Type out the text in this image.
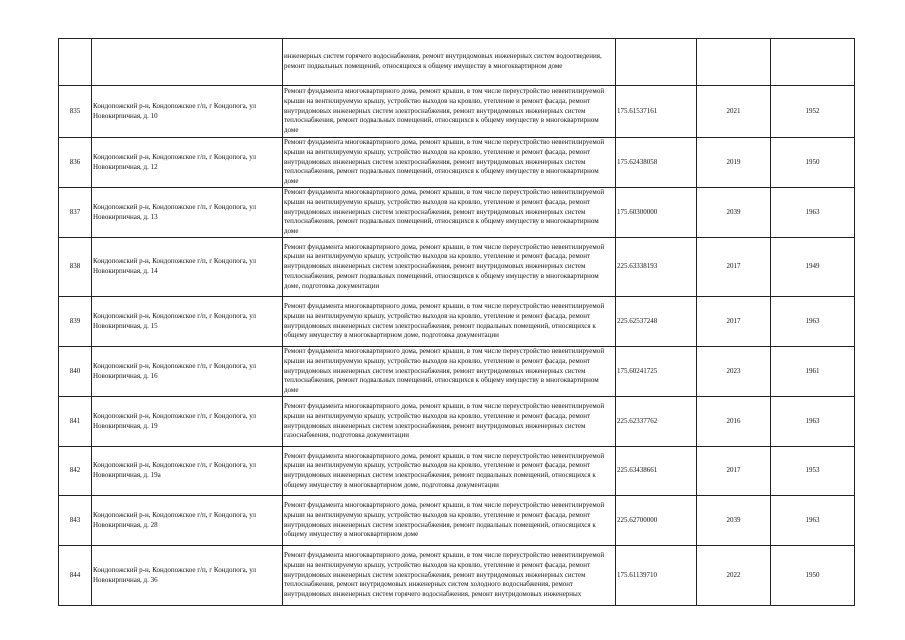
		инженерных систем горячего водоснабжения, ремонт внутридомовых инженерных систем водоотведения, ремонт подвальных помещений, относящихся к общему имуществу в многоквартирном доме			

835	Кондопожский р-н, Кондопожское г/п, г Кондопога, ул Новокирпичная, д. 10	Ремонт фундамента многоквартирного дома, ремонт крыши, в том числе переустройство невентилируемой крыши на вентилируемую крышу, устройство выходов на кровлю, утепление и ремонт фасада, ремонт внутридомовых инженерных систем электроснабжения, ремонт внутридомовых инженерных систем теплоснабжения, ремонт подвальных помещений, относящихся к общему имуществу в многоквартирном доме	175.61537161	2021	1952
836	Кондопожский р-н, Кондопожское г/п, г Кондопога, ул Новокирпичная, д. 12	Ремонт фундамента многоквартирного дома, ремонт крыши, в том числе переустройство невентилируемой крыши на вентилируемую крышу, устройство выходов на кровлю, утепление и ремонт фасада, ремонт внутридомовых инженерных систем электроснабжения, ремонт внутридомовых инженерных систем теплоснабжения, ремонт подвальных помещений, относящихся к общему имуществу в многоквартирном доме	175.62438058	2019	1950
837	Кондопожский р-н, Кондопожское г/п, г Кондопога, ул Новокирпичная, д. 13	Ремонт фундамента многоквартирного дома, ремонт крыши, в том числе переустройство невентилируемой крыши на вентилируемую крышу, устройство выходов на кровлю, утепление и ремонт фасада, ремонт внутридомовых инженерных систем электроснабжения, ремонт внутридомовых инженерных систем теплоснабжения, ремонт подвальных помещений, относящихся к общему имуществу в многоквартирном доме	175.60300000	2039	1963
838	Кондопожский р-н, Кондопожское г/п, г Кондопога, ул Новокирпичная, д. 14	Ремонт фундамента многоквартирного дома, ремонт крыши, в том числе переустройство невентилируемой крыши на вентилируемую крышу, устройство выходов на кровлю, утепление и ремонт фасада, ремонт внутридомовых инженерных систем электроснабжения, ремонт внутридомовых инженерных систем теплоснабжения, ремонт подвальных помещений, относящихся к общему имуществу в многоквартирном доме, подготовка документации	225.63338193	2017	1949
839	Кондопожский р-н, Кондопожское г/п, г Кондопога, ул Новокирпичная, д. 15	Ремонт фундамента многоквартирного дома, ремонт крыши, в том числе переустройство невентилируемой крыши на вентилируемую крышу, устройство выходов на кровлю, утепление и ремонт фасада, ремонт внутридомовых инженерных систем электроснабжения, ремонт подвальных помещений, относящихся к общему имуществу в многоквартирном доме, подготовка документации	225.62537248	2017	1963
840	Кондопожский р-н, Кондопожское г/п, г Кондопога, ул Новокирпичная, д. 16	Ремонт фундамента многоквартирного дома, ремонт крыши, в том числе переустройство невентилируемой крыши на вентилируемую крышу, устройство выходов на кровлю, утепление и ремонт фасада, ремонт внутридомовых инженерных систем электроснабжения, ремонт внутридомовых инженерных систем теплоснабжения, ремонт подвальных помещений, относящихся к общему имуществу в многоквартирном доме	175.60241725	2023	1961
841	Кондопожский р-н, Кондопожское г/п, г Кондопога, ул Новокирпичная, д. 19	Ремонт фундамента многоквартирного дома, ремонт крыши, в том числе переустройство невентилируемой крыши на вентилируемую крышу, устройство выходов на кровлю, утепление и ремонт фасада, ремонт внутридомовых инженерных систем электроснабжения, ремонт внутридомовых инженерных систем газоснабжения, подготовка документации	225.62337762	2016	1963
842	Кондопожский р-н, Кондопожское г/п, г Кондопога, ул Новокирпичная, д. 19а	Ремонт фундамента многоквартирного дома, ремонт крыши, в том числе переустройство невентилируемой крыши на вентилируемую крышу, устройство выходов на кровлю, утепление и ремонт фасада, ремонт внутридомовых инженерных систем электроснабжения, ремонт подвальных помещений, относящихся к общему имуществу в многоквартирном доме, подготовка документации	225.63438661	2017	1953
843	Кондопожский р-н, Кондопожское г/п, г Кондопога, ул Новокирпичная, д. 28	Ремонт фундамента многоквартирного дома, ремонт крыши, в том числе переустройство невентилируемой крыши на вентилируемую крышу, устройство выходов на кровлю, утепление и ремонт фасада, ремонт внутридомовых инженерных систем электроснабжения, ремонт подвальных помещений, относящихся к общему имуществу в многоквартирном доме	225.62700000	2039	1963
844	Кондопожский р-н, Кондопожское г/п, г Кондопога, ул Новокирпичная, д. 36	Ремонт фундамента многоквартирного дома, ремонт крыши, в том числе переустройство невентилируемой крыши на вентилируемую крышу, устройство выходов на кровлю, утепление и ремонт фасада, ремонт внутридомовых инженерных систем электроснабжения, ремонт внутридомовых инженерных систем теплоснабжения, ремонт внутридомовых инженерных систем холодного водоснабжения, ремонт внутридомовых инженерных систем горячего водоснабжения, ремонт внутридомовых инженерных	175.61139710	2022	1950
